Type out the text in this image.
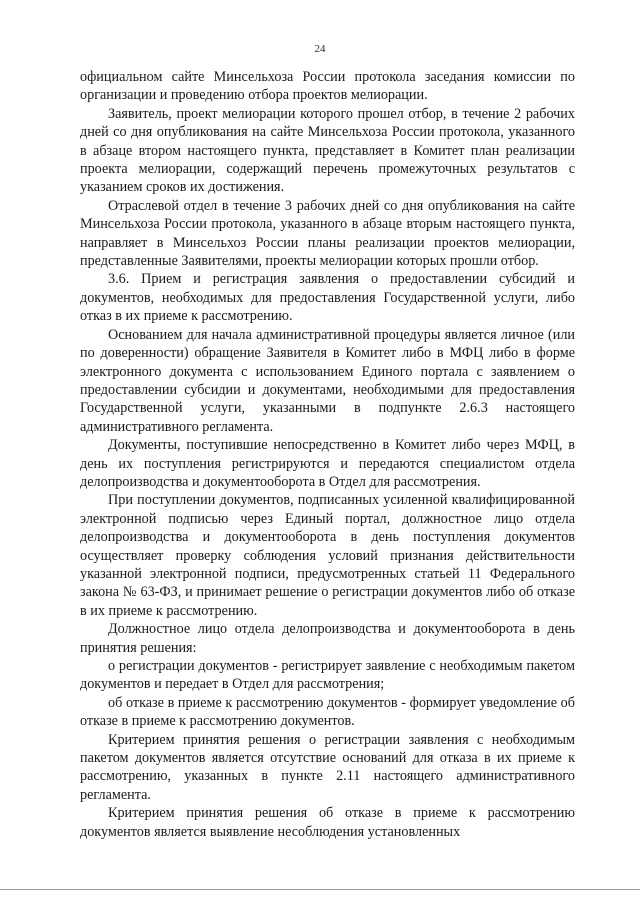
24

официальном сайте Минсельхоза России протокола заседания комиссии по организации и проведению отбора проектов мелиорации.

Заявитель, проект мелиорации которого прошел отбор, в течение 2 рабочих дней со дня опубликования на сайте Минсельхоза России протокола, указанного в абзаце втором настоящего пункта, представляет в Комитет план реализации проекта мелиорации, содержащий перечень промежуточных результатов с указанием сроков их достижения.

Отраслевой отдел в течение 3 рабочих дней со дня опубликования на сайте Минсельхоза России протокола, указанного в абзаце вторым настоящего пункта, направляет в Минсельхоз России планы реализации проектов мелиорации, представленные Заявителями, проекты мелиорации которых прошли отбор.

3.6. Прием и регистрация заявления о предоставлении субсидий и документов, необходимых для предоставления Государственной услуги, либо отказ в их приеме к рассмотрению.

Основанием для начала административной процедуры является личное (или по доверенности) обращение Заявителя в Комитет либо в МФЦ либо в форме электронного документа с использованием Единого портала с заявлением о предоставлении субсидии и документами, необходимыми для предоставления Государственной услуги, указанными в подпункте 2.6.3 настоящего административного регламента.

Документы, поступившие непосредственно в Комитет либо через МФЦ, в день их поступления регистрируются и передаются специалистом отдела делопроизводства и документооборота в Отдел для рассмотрения.

При поступлении документов, подписанных усиленной квалифицированной электронной подписью через Единый портал, должностное лицо отдела делопроизводства и документооборота в день поступления документов осуществляет проверку соблюдения условий признания действительности указанной электронной подписи, предусмотренных статьей 11 Федерального закона № 63-ФЗ, и принимает решение о регистрации документов либо об отказе в их приеме к рассмотрению.

Должностное лицо отдела делопроизводства и документооборота в день принятия решения:

о регистрации документов - регистрирует заявление с необходимым пакетом документов и передает в Отдел для рассмотрения;

об отказе в приеме к рассмотрению документов - формирует уведомление об отказе в приеме к рассмотрению документов.

Критерием принятия решения о регистрации заявления с необходимым пакетом документов является отсутствие оснований для отказа в их приеме к рассмотрению, указанных в пункте 2.11 настоящего административного регламента.

Критерием принятия решения об отказе в приеме к рассмотрению документов является выявление несоблюдения установленных
